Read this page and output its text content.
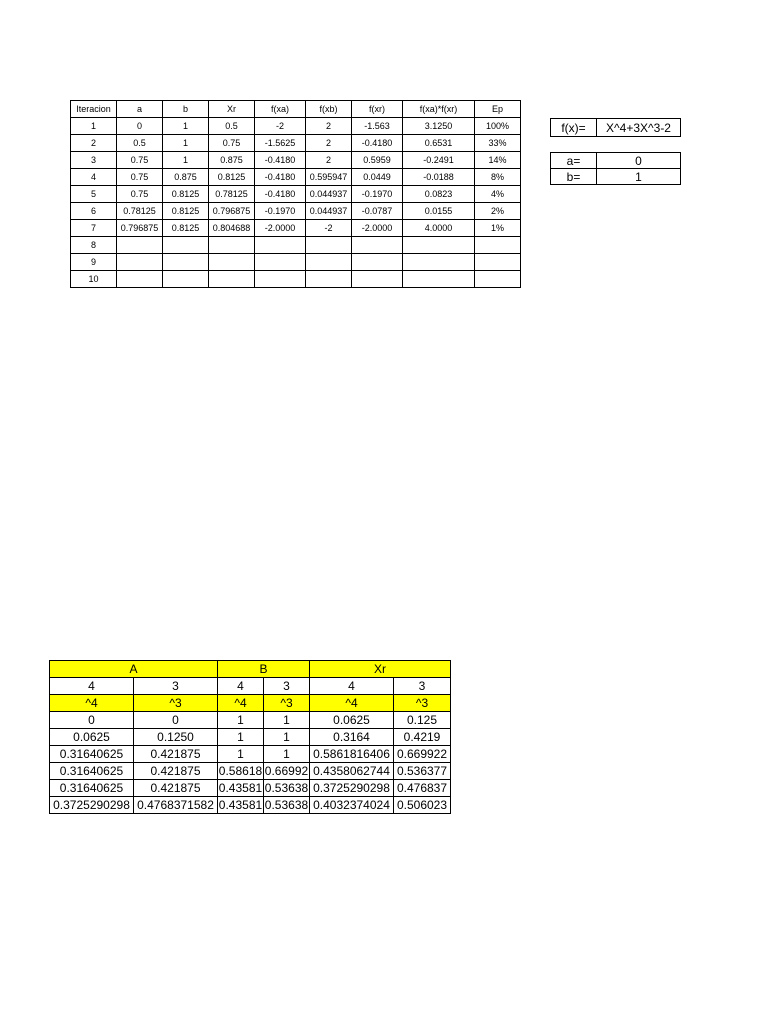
Iteracion	a	b	Xr	f(xa)	f(xb)	f(xr)	f(xa)*f(xr)	Ep
1	0	1	0.5	-2	2	-1.563	3.1250	100%
2	0.5	1	0.75	-1.5625	2	-0.4180	0.6531	33%
3	0.75	1	0.875	-0.4180	2	0.5959	-0.2491	14%
4	0.75	0.875	0.8125	-0.4180	0.595947	0.0449	-0.0188	8%
5	0.75	0.8125	0.78125	-0.4180	0.044937	-0.1970	0.0823	4%
6	0.78125	0.8125	0.796875	-0.1970	0.044937	-0.0787	0.0155	2%
7	0.796875	0.8125	0.804688	-2.0000	-2	-2.0000	4.0000	1%
8								
9								
10								
f(x)=	X^4+3X^3-2
a=	0
b=	1
A		B		Xr	
4	3	4	3	4	3
^4	^3	^4	^3	^4	^3
0	0	1	1	0.0625	0.125
0.0625	0.1250	1	1	0.3164	0.4219
0.31640625	0.421875	1	1	0.5861816406	0.669922
0.31640625	0.421875	0.58618	0.66992	0.4358062744	0.536377
0.31640625	0.421875	0.43581	0.53638	0.3725290298	0.476837
0.3725290298	0.4768371582	0.43581	0.53638	0.4032374024	0.506023
